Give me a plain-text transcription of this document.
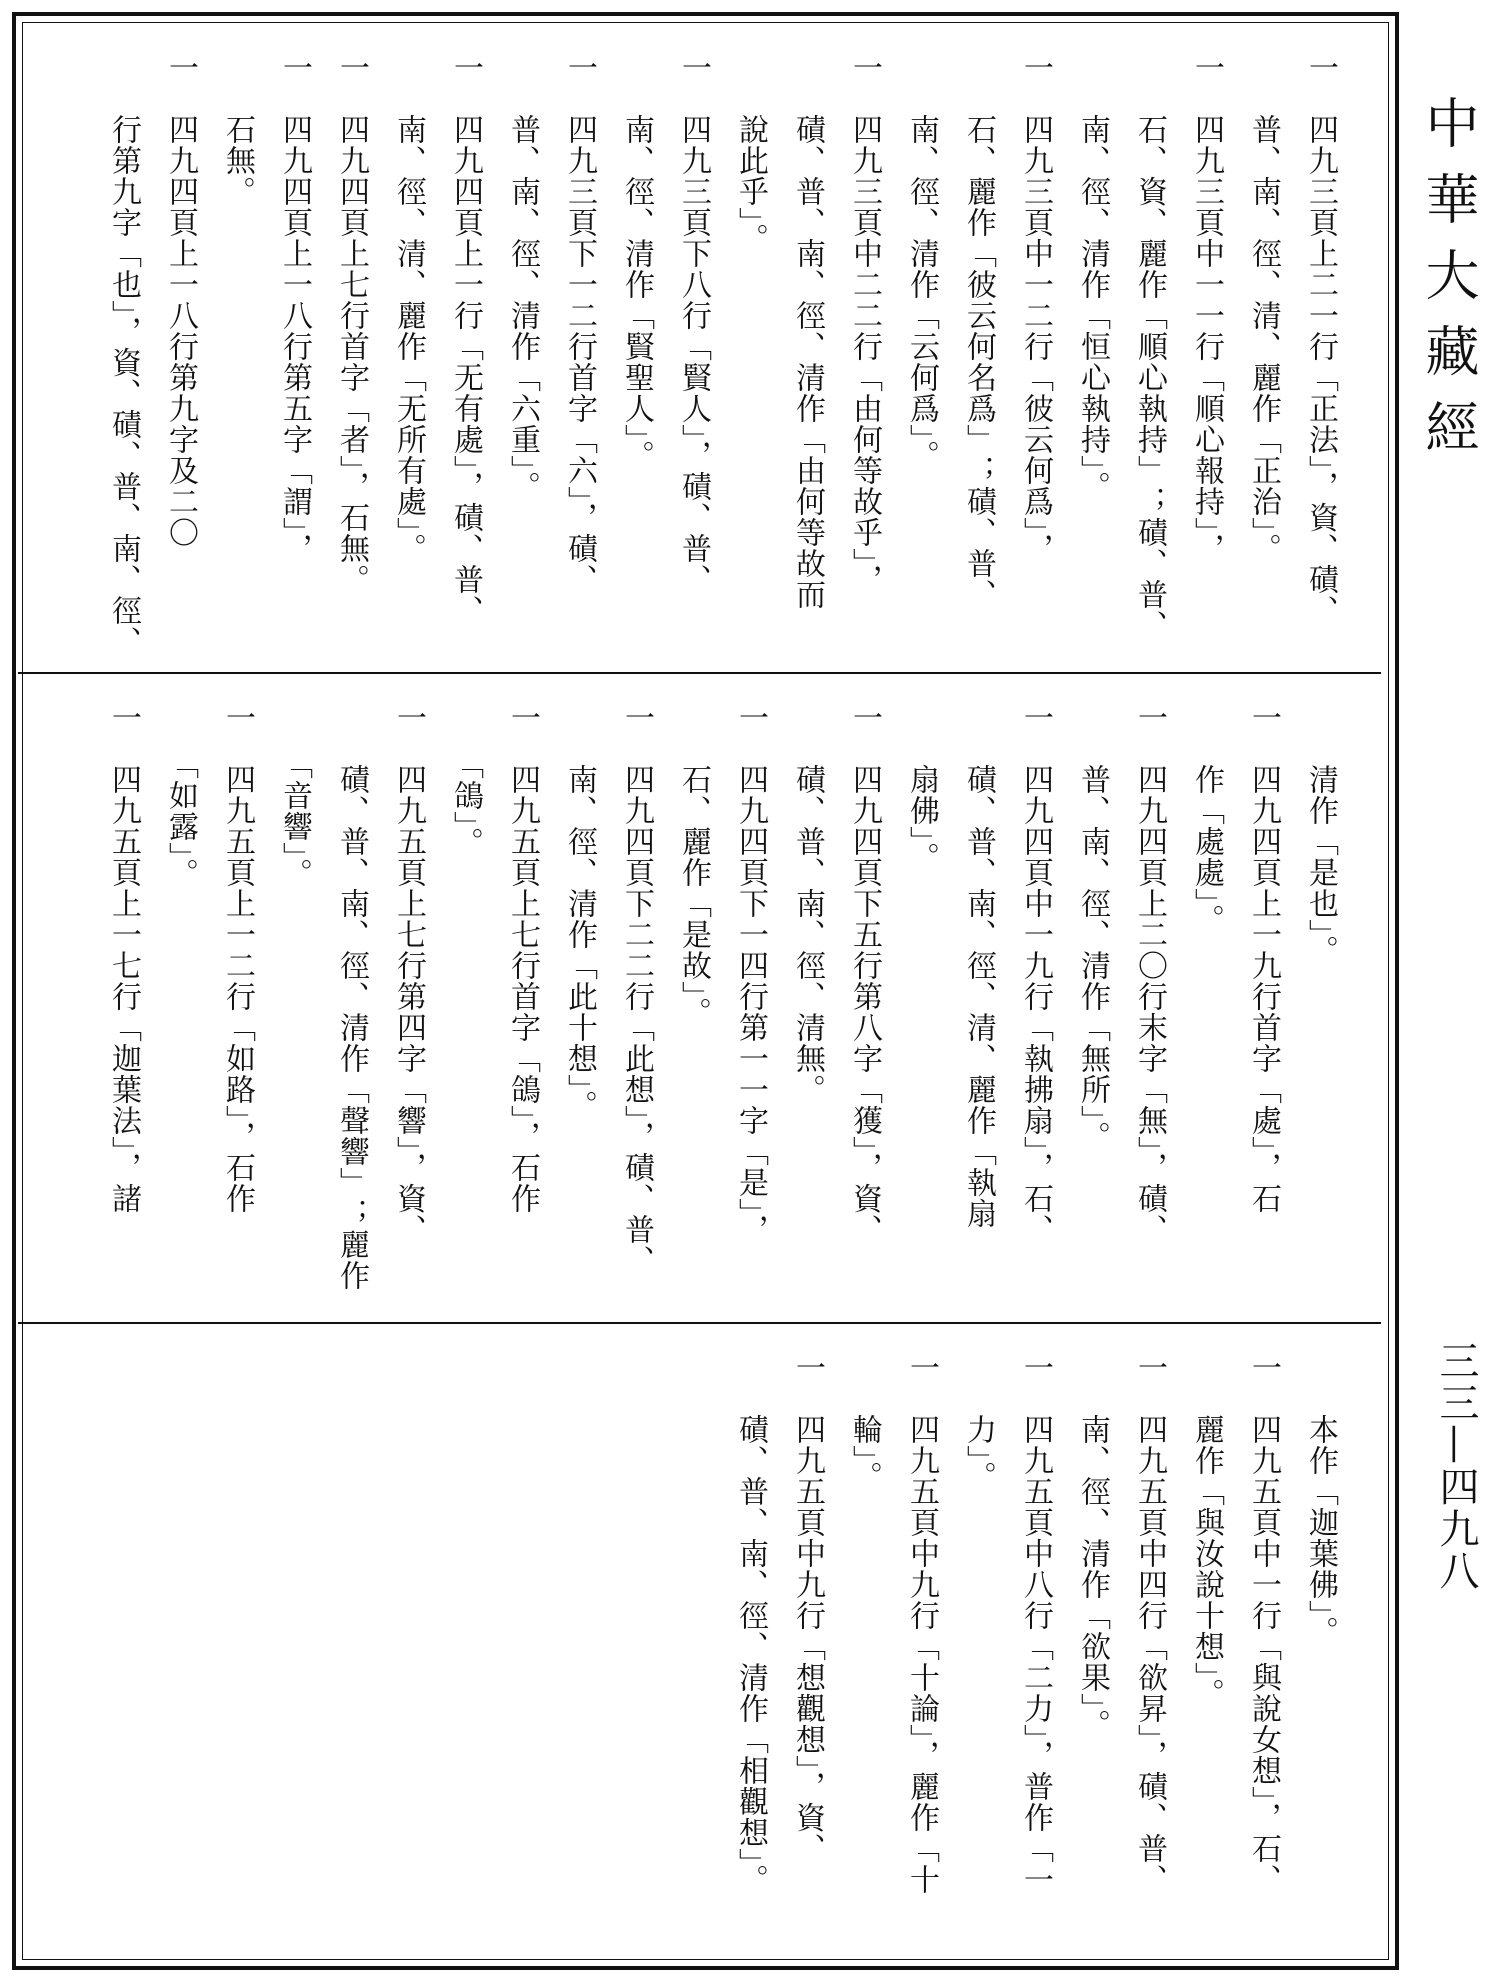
一　四九三頁上二一行「正法」，資、磧、
　　普、南、徑、清、麗作「正治」。
一　四九三頁中一一行「順心報持」，
　　石、資、麗作「順心執持」；磧、普、
　　南、徑、清作「恒心執持」。
一　四九三頁中一二行「彼云何爲」，
　　石、麗作「彼云何名爲」；磧、普、
　　南、徑、清作「云何爲」。
一　四九三頁中二二行「由何等故乎」，
　　磧、普、南、徑、清作「由何等故而
　　說此乎」。
一　四九三頁下八行「賢人」，磧、普、
　　南、徑、清作「賢聖人」。
一　四九三頁下一二行首字「六」，磧、
　　普、南、徑、清作「六重」。
一　四九四頁上一行「无有處」，磧、普、
　　南、徑、清、麗作「无所有處」。
一　四九四頁上七行首字「者」，石無。
一　四九四頁上一八行第五字「謂」，
　　石無。
一　四九四頁上一八行第九字及二〇
　　行第九字「也」，資、磧、普、南、徑、
　　清作「是也」。
一　四九四頁上一九行首字「處」，石
　　作「處處」。
一　四九四頁上二〇行末字「無」，磧、
　　普、南、徑、清作「無所」。
一　四九四頁中一九行「執拂扇」，石、
　　磧、普、南、徑、清、麗作「執扇
　　扇佛」。
一　四九四頁下五行第八字「獲」，資、
　　磧、普、南、徑、清無。
一　四九四頁下一四行第一一字「是」，
　　石、麗作「是故」。
一　四九四頁下二二行「此想」，磧、普、
　　南、徑、清作「此十想」。
一　四九五頁上七行首字「鴿」，石作
　　「鴿」。
一　四九五頁上七行第四字「響」，資、
　　磧、普、南、徑、清作「聲響」；麗作
　　「音響」。
一　四九五頁上一二行「如路」，石作
　　「如露」。
一　四九五頁上一七行「迦葉法」，諸
　　本作「迦葉佛」。
一　四九五頁中一行「與說女想」，石、
　　麗作「與汝說十想」。
一　四九五頁中四行「欲昇」，磧、普、
　　南、徑、清作「欲果」。
一　四九五頁中八行「二力」，普作「一
　　力」。
一　四九五頁中九行「十論」，麗作「十
　　輪」。
一　四九五頁中九行「想觀想」，資、
　　磧、普、南、徑、清作「相觀想」。
中華大藏經
三三—四九八
